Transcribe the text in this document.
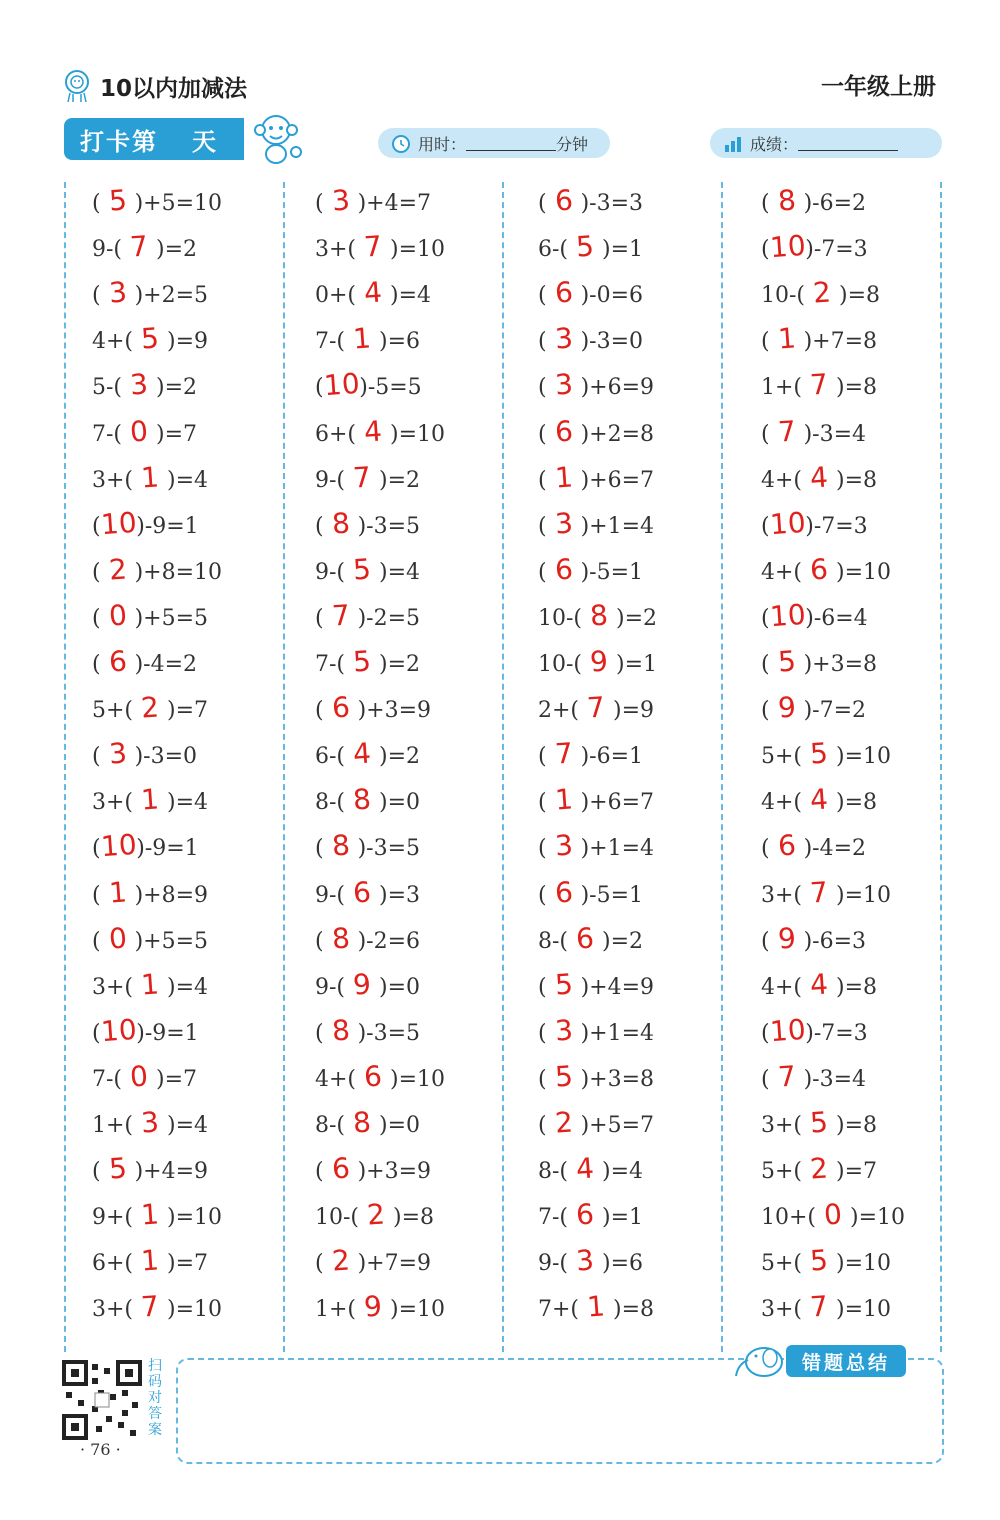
10以内加减法	一年级上册
打卡第 天	用时：	分钟	成绩：
( 5 )+5=10
9-( 7 )=2
( 3 )+2=5
4+( 5 )=9
5-( 3 )=2
7-( 0 )=7
3+( 1 )=4
(10)-9=1
( 2 )+8=10
( 0 )+5=5
( 6 )-4=2
5+( 2 )=7
( 3 )-3=0
3+( 1 )=4
(10)-9=1
( 1 )+8=9
( 0 )+5=5
3+( 1 )=4
(10)-9=1
7-( 0 )=7
1+( 3 )=4
( 5 )+4=9
9+( 1 )=10
6+( 1 )=7
3+( 7 )=10
( 3 )+4=7
3+( 7 )=10
0+( 4 )=4
7-( 1 )=6
(10)-5=5
6+( 4 )=10
9-( 7 )=2
( 8 )-3=5
9-( 5 )=4
( 7 )-2=5
7-( 5 )=2
( 6 )+3=9
6-( 4 )=2
8-( 8 )=0
( 8 )-3=5
9-( 6 )=3
( 8 )-2=6
9-( 9 )=0
( 8 )-3=5
4+( 6 )=10
8-( 8 )=0
( 6 )+3=9
10-( 2 )=8
( 2 )+7=9
1+( 9 )=10
( 6 )-3=3
6-( 5 )=1
( 6 )-0=6
( 3 )-3=0
( 3 )+6=9
( 6 )+2=8
( 1 )+6=7
( 3 )+1=4
( 6 )-5=1
10-( 8 )=2
10-( 9 )=1
2+( 7 )=9
( 7 )-6=1
( 1 )+6=7
( 3 )+1=4
( 6 )-5=1
8-( 6 )=2
( 5 )+4=9
( 3 )+1=4
( 5 )+3=8
( 2 )+5=7
8-( 4 )=4
7-( 6 )=1
9-( 3 )=6
7+( 1 )=8
( 8 )-6=2
(10)-7=3
10-( 2 )=8
( 1 )+7=8
1+( 7 )=8
( 7 )-3=4
4+( 4 )=8
(10)-7=3
4+( 6 )=10
(10)-6=4
( 5 )+3=8
( 9 )-7=2
5+( 5 )=10
4+( 4 )=8
( 6 )-4=2
3+( 7 )=10
( 9 )-6=3
4+( 4 )=8
(10)-7=3
( 7 )-3=4
3+( 5 )=8
5+( 2 )=7
10+( 0 )=10
5+( 5 )=10
3+( 7 )=10
扫码对答案
· 76 ·
错题总结
